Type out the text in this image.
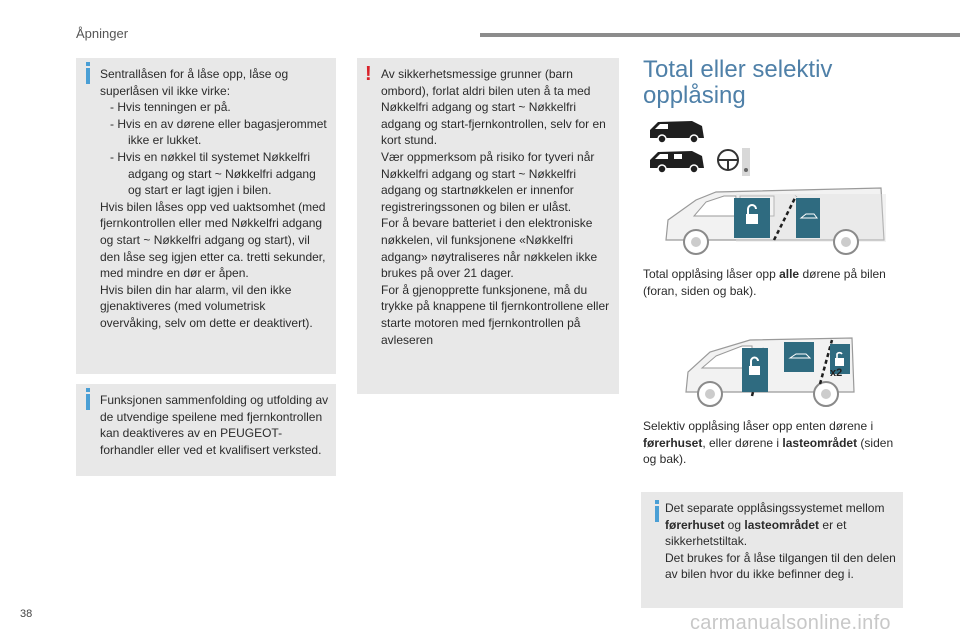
Åpninger

Sentrallåsen for å låse opp, låse og superlåsen vil ikke virke:

- Hvis tenningen er på.

- Hvis en av dørene eller bagasjerommet ikke er lukket.

- Hvis en nøkkel til systemet Nøkkelfri adgang og start ~ Nøkkelfri adgang og start er lagt igjen i bilen.

Hvis bilen låses opp ved uaktsomhet (med fjernkontrollen eller med Nøkkelfri adgang og start ~ Nøkkelfri adgang og start), vil den låse seg igjen etter ca. tretti sekunder, med mindre en dør er åpen.

Hvis bilen din har alarm, vil den ikke gjenaktiveres (med volumetrisk overvåking, selv om dette er deaktivert).

Funksjonen sammenfolding og utfolding av de utvendige speilene med fjernkontrollen kan deaktiveres av en PEUGEOT-forhandler eller ved et kvalifisert verksted.

! Av sikkerhetsmessige grunner (barn ombord), forlat aldri bilen uten å ta med Nøkkelfri adgang og start ~ Nøkkelfri adgang og start-fjernkontrollen, selv for en kort stund.

Vær oppmerksom på risiko for tyveri når Nøkkelfri adgang og start ~ Nøkkelfri adgang og startnøkkelen er innenfor registreringssonen og bilen er ulåst.

For å bevare batteriet i den elektroniske nøkkelen, vil funksjonene «Nøkkelfri adgang» nøytraliseres når nøkkelen ikke brukes på over 21 dager.

For å gjenopprette funksjonene, må du trykke på knappene til fjernkontrollene eller starte motoren med fjernkontrollen på avleseren

Total eller selektiv
opplåsing
Total opplåsing låser opp alle dørene på bilen (foran, siden og bak).
x2
Selektiv opplåsing låser opp enten dørene i førerhuset, eller dørene i lasteområdet (siden og bak).

Det separate opplåsingssystemet mellom førerhuset og lasteområdet er et sikkerhetstiltak.

Det brukes for å låse tilgangen til den delen av bilen hvor du ikke befinner deg i.

38	carmanualsonline.info
